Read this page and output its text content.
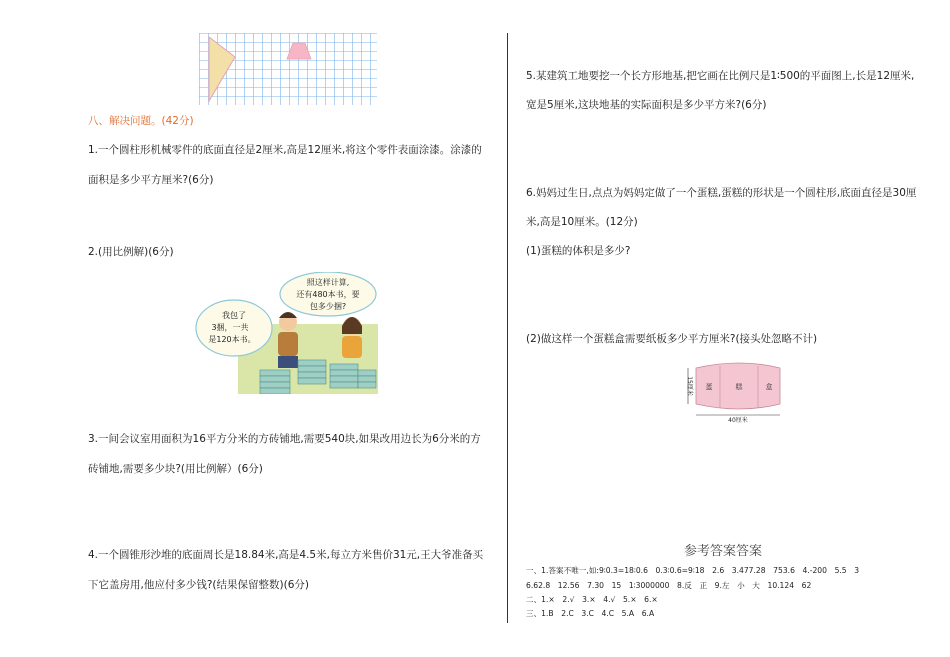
八、解决问题。(42分)
1.一个圆柱形机械零件的底面直径是2厘米,高是12厘米,将这个零件表面涂漆。涂漆的
面积是多少平方厘米?(6分)
2.(用比例解)(6分)
我包了
3捆，一共
是120本书。
照这样计算,
还有480本书，要
包多少捆?
3.一间会议室用面积为16平方分米的方砖铺地,需要540块,如果改用边长为6分米的方
砖铺地,需要多少块?(用比例解）(6分)
4.一个圆锥形沙堆的底面周长是18.84米,高是4.5米,每立方米售价31元,王大爷准备买
下它盖房用,他应付多少钱?(结果保留整数)(6分)
5.某建筑工地要挖一个长方形地基,把它画在比例尺是1∶500的平面图上,长是12厘米,
宽是5厘米,这块地基的实际面积是多少平方米?(6分)
6.妈妈过生日,点点为妈妈定做了一个蛋糕,蛋糕的形状是一个圆柱形,底面直径是30厘
米,高是10厘米。(12分)
(1)蛋糕的体积是多少?
(2)做这样一个蛋糕盒需要纸板多少平方厘米?(接头处忽略不计)
15厘米 蛋	糕	盒
40厘米
参考答案答案
一、1.答案不唯一,如:9∶0.3=18∶0.6　0.3∶0.6=9∶18　2.6　3.477.28　753.6　4.-200　5.5　3
6.62.8　12.56　7.30　15　1∶3000000　8.反　正　9.左　小　大　10.124　62
二、1.×　2.√　3.×　4.√　5.×　6.×
三、1.B　2.C　3.C　4.C　5.A　6.A
